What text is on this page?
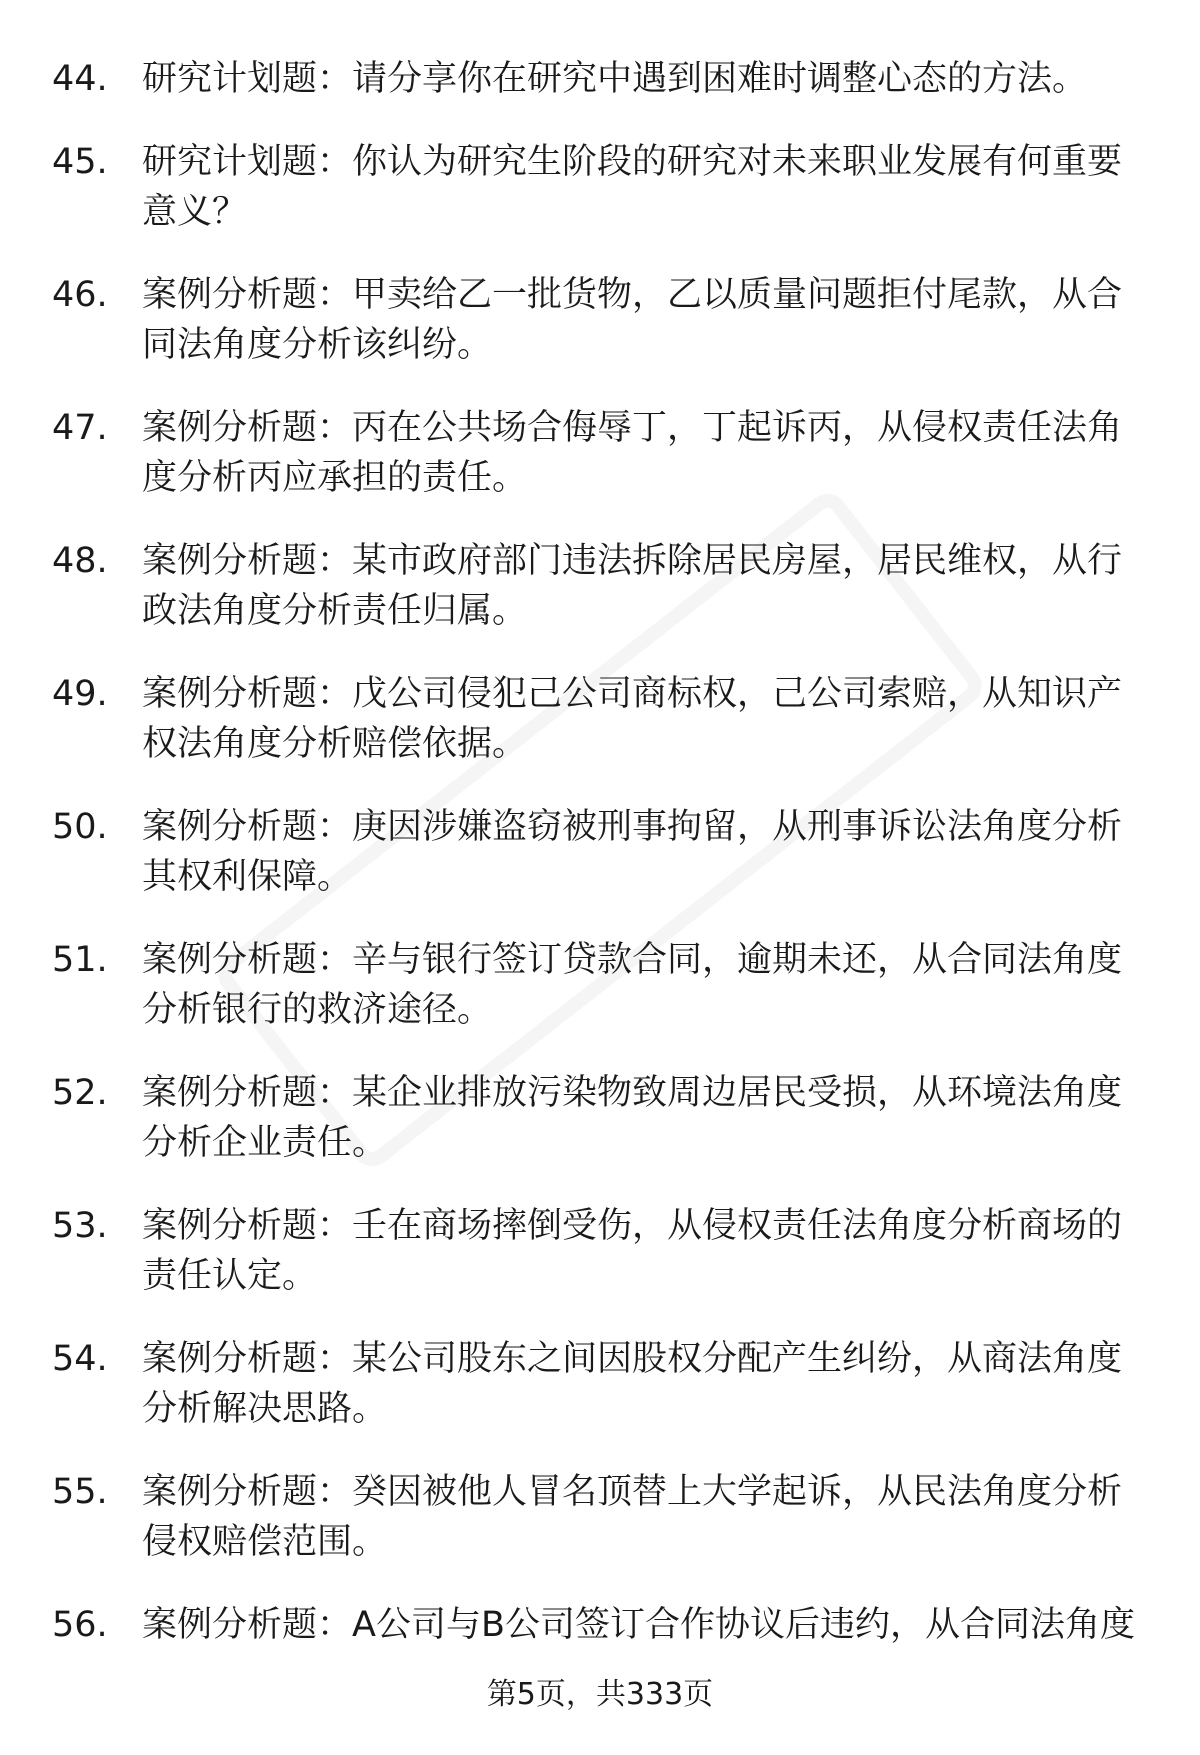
44. 研究计划题：请分享你在研究中遇到困难时调整心态的方法。
45. 研究计划题：你认为研究生阶段的研究对未来职业发展有何重要意义？
46. 案例分析题：甲卖给乙一批货物，乙以质量问题拒付尾款，从合同法角度分析该纠纷。
47. 案例分析题：丙在公共场合侮辱丁，丁起诉丙，从侵权责任法角度分析丙应承担的责任。
48. 案例分析题：某市政府部门违法拆除居民房屋，居民维权，从行政法角度分析责任归属。
49. 案例分析题：戊公司侵犯己公司商标权，己公司索赔，从知识产权法角度分析赔偿依据。
50. 案例分析题：庚因涉嫌盗窃被刑事拘留，从刑事诉讼法角度分析其权利保障。
51. 案例分析题：辛与银行签订贷款合同，逾期未还，从合同法角度分析银行的救济途径。
52. 案例分析题：某企业排放污染物致周边居民受损，从环境法角度分析企业责任。
53. 案例分析题：壬在商场摔倒受伤，从侵权责任法角度分析商场的责任认定。
54. 案例分析题：某公司股东之间因股权分配产生纠纷，从商法角度分析解决思路。
55. 案例分析题：癸因被他人冒名顶替上大学起诉，从民法角度分析侵权赔偿范围。
56. 案例分析题：A公司与B公司签订合作协议后违约，从合同法角度
第5页，共333页
